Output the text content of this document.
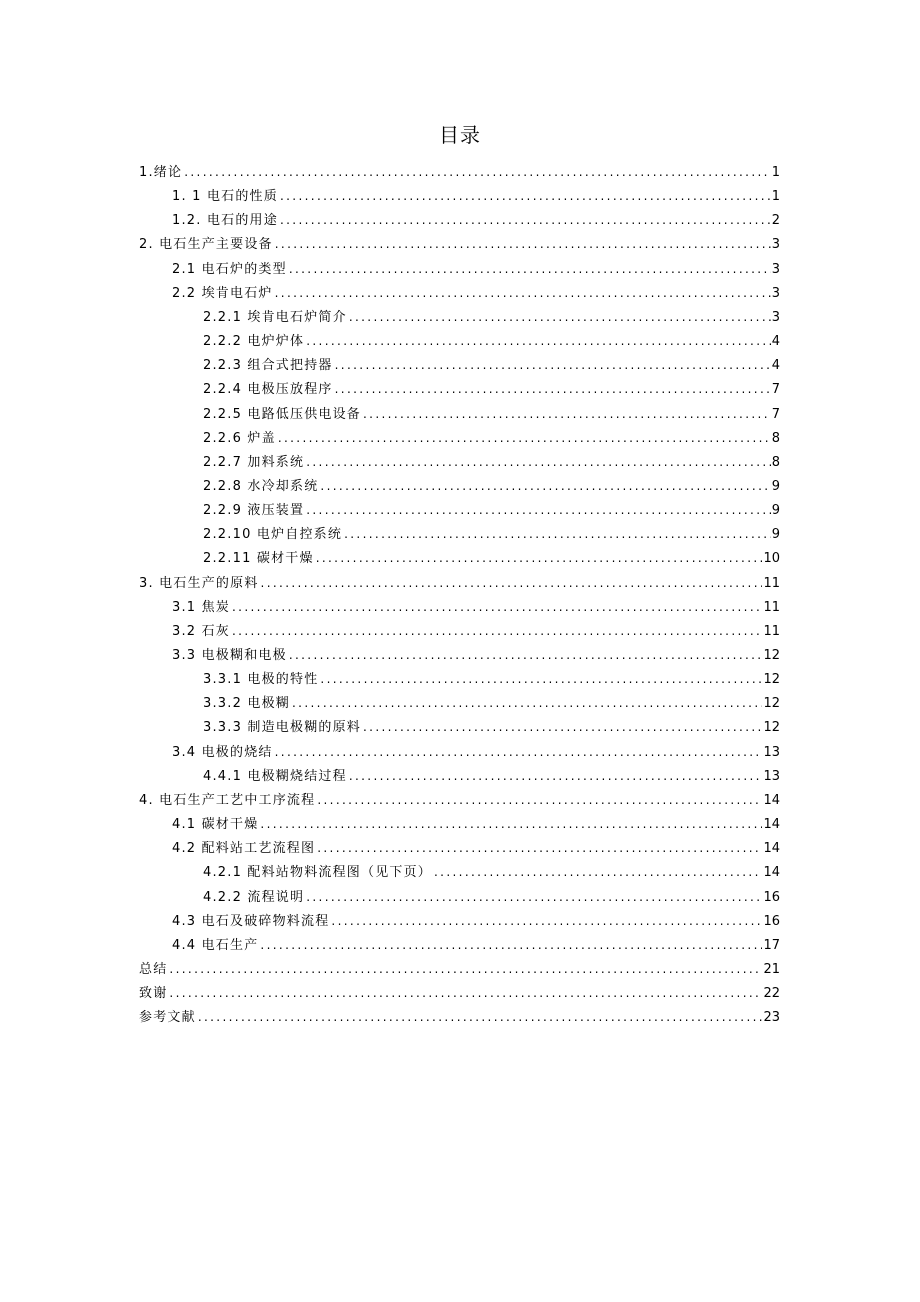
目录
1.绪论 .....	1
1. 1 电石的性质 .....	1
1.2. 电石的用途 .....	2
2. 电石生产主要设备 .....	3
2.1 电石炉的类型 .....	3
2.2 埃肯电石炉 .....	3
2.2.1 埃肯电石炉简介 .....	3
2.2.2 电炉炉体 .....	4
2.2.3 组合式把持器 .....	4
2.2.4 电极压放程序 .....	7
2.2.5 电路低压供电设备 .....	7
2.2.6 炉盖 .....	8
2.2.7 加料系统 .....	8
2.2.8 水冷却系统 .....	9
2.2.9 液压装置 .....	9
2.2.10 电炉自控系统 .....	9
2.2.11 碳材干燥 .....	10
3. 电石生产的原料 .....	11
3.1 焦炭 .....	11
3.2 石灰 .....	11
3.3 电极糊和电极 .....	12
3.3.1 电极的特性 .....	12
3.3.2 电极糊 .....	12
3.3.3 制造电极糊的原料 .....	12
3.4 电极的烧结 .....	13
4.4.1 电极糊烧结过程 .....	13
4. 电石生产工艺中工序流程 .....	14
4.1 碳材干燥 .....	14
4.2 配料站工艺流程图 .....	14
4.2.1 配料站物料流程图（见下页） .....	14
4.2.2 流程说明 .....	16
4.3 电石及破碎物料流程 .....	16
4.4 电石生产 .....	17
总结 .....	21
致谢 .....	22
参考文献 .....	23
